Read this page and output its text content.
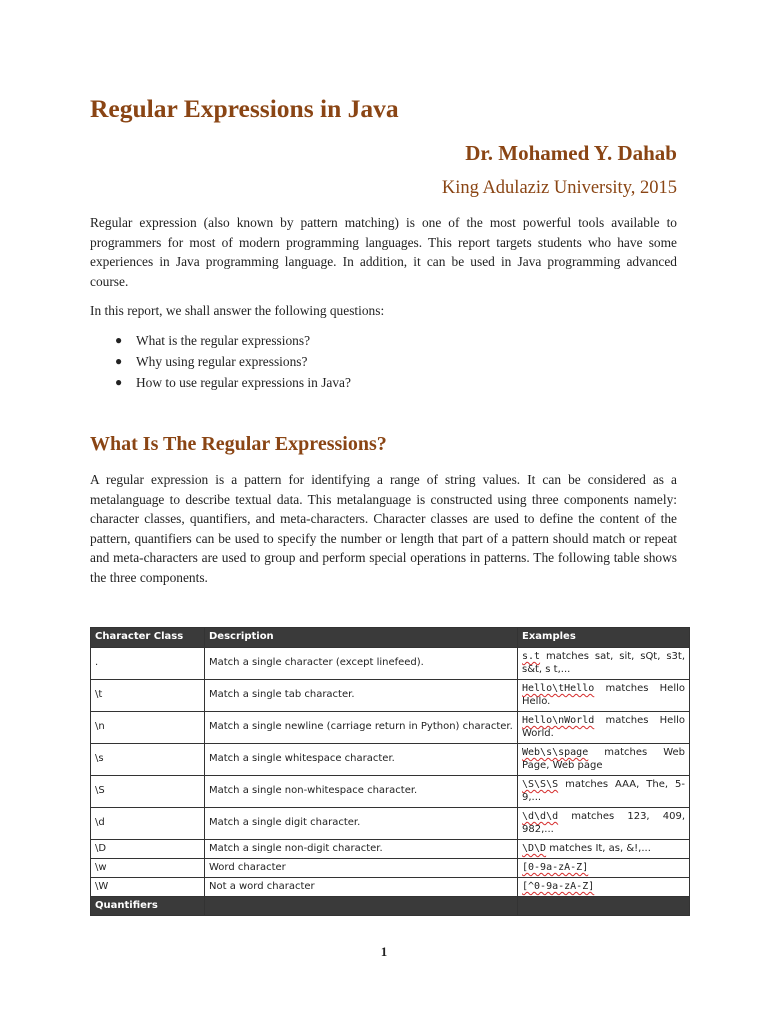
Regular Expressions in Java

Dr. Mohamed Y. Dahab

King Adulaziz University, 2015

Regular expression (also known by pattern matching) is one of the most powerful tools available to programmers for most of modern programming languages. This report targets students who have some experiences in Java programming language. In addition, it can be used in Java programming advanced course.

In this report, we shall answer the following questions:

● What is the regular expressions?
● Why using regular expressions?
● How to use regular expressions in Java?
What Is The Regular Expressions?

A regular expression is a pattern for identifying a range of string values. It can be considered as a metalanguage to describe textual data. This metalanguage is constructed using three components namely: character classes, quantifiers, and meta-characters. Character classes are used to define the content of the pattern, quantifiers can be used to specify the number or length that part of a pattern should match or repeat and meta-characters are used to group and perform special operations in patterns. The following table shows the three components.

Character Class	Description	Examples
.	Match a single character (except linefeed).	s.t matches sat, sit, sQt, s3t, s&t, s t,...
\t	Match a single tab character.	Hello\tHello matches Hello Hello.
\n	Match a single newline (carriage return in Python) character.	Hello\nWorld matches Hello World.
\s	Match a single whitespace character.	Web\s\spage matches Web Page, Web page
\S	Match a single non-whitespace character.	\S\S\S matches AAA, The, 5-9,...
\d	Match a single digit character.	\d\d\d matches 123, 409, 982,...
\D	Match a single non-digit character.	\D\D matches It, as, &!,...
\w	Word character	[0-9a-zA-Z]
\W	Not a word character	[^0-9a-zA-Z]
Quantifiers		
1
